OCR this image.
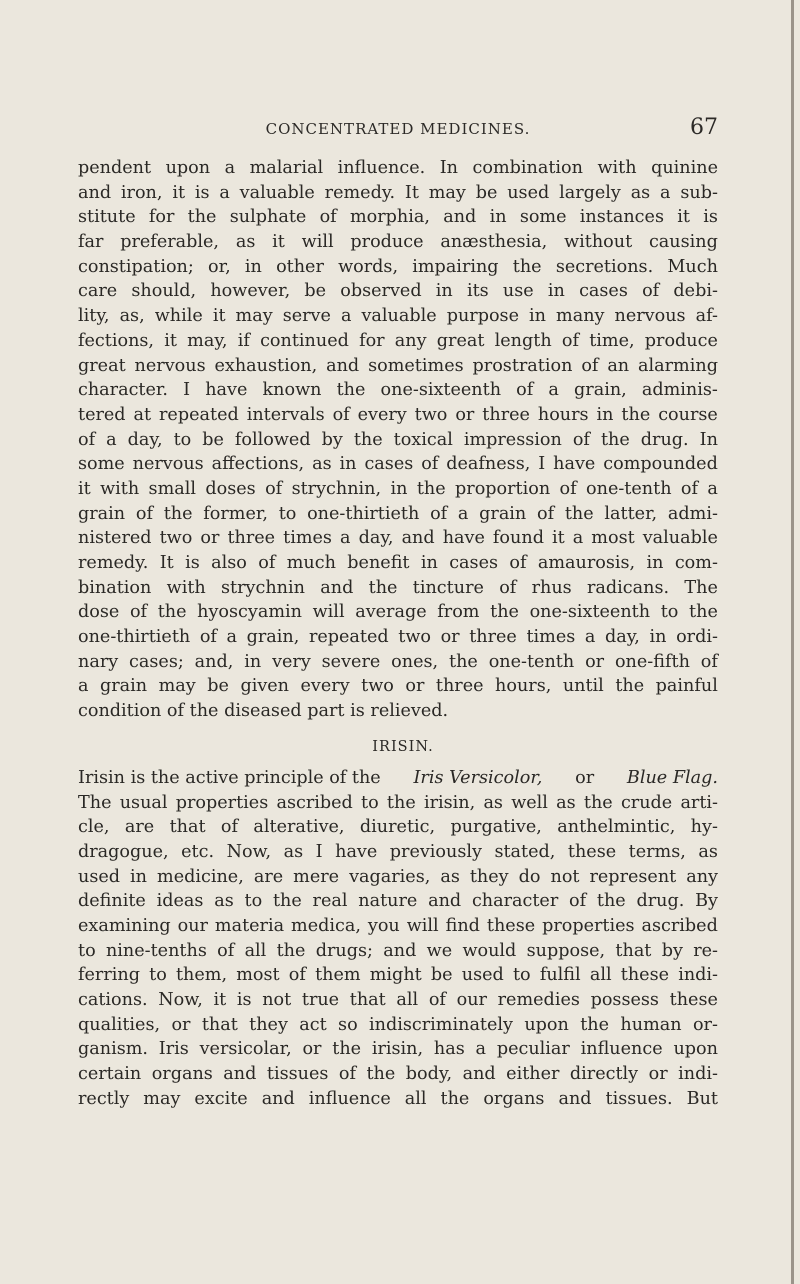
CONCENTRATED MEDICINES.	67
pendent upon a malarial influence. In combination with quinine
and iron, it is a valuable remedy. It may be used largely as a sub-
stitute for the sulphate of morphia, and in some instances it is
far preferable, as it will produce anæsthesia, without causing
constipation; or, in other words, impairing the secretions. Much
care should, however, be observed in its use in cases of debi-
lity, as, while it may serve a valuable purpose in many nervous af-
fections, it may, if continued for any great length of time, produce
great nervous exhaustion, and sometimes prostration of an alarming
character. I have known the one-sixteenth of a grain, adminis-
tered at repeated intervals of every two or three hours in the course
of a day, to be followed by the toxical impression of the drug. In
some nervous affections, as in cases of deafness, I have compounded
it with small doses of strychnin, in the proportion of one-tenth of a
grain of the former, to one-thirtieth of a grain of the latter, admi-
nistered two or three times a day, and have found it a most valuable
remedy. It is also of much benefit in cases of amaurosis, in com-
bination with strychnin and the tincture of rhus radicans. The
dose of the hyoscyamin will average from the one-sixteenth to the
one-thirtieth of a grain, repeated two or three times a day, in ordi-
nary cases; and, in very severe ones, the one-tenth or one-fifth of
a grain may be given every two or three hours, until the painful
condition of the diseased part is relieved.
IRISIN.
Irisin is the active principle of the Iris Versicolor, or Blue Flag.
The usual properties ascribed to the irisin, as well as the crude arti-
cle, are that of alterative, diuretic, purgative, anthelmintic, hy-
dragogue, etc. Now, as I have previously stated, these terms, as
used in medicine, are mere vagaries, as they do not represent any
definite ideas as to the real nature and character of the drug. By
examining our materia medica, you will find these properties ascribed
to nine-tenths of all the drugs; and we would suppose, that by re-
ferring to them, most of them might be used to fulfil all these indi-
cations. Now, it is not true that all of our remedies possess these
qualities, or that they act so indiscriminately upon the human or-
ganism. Iris versicolar, or the irisin, has a peculiar influence upon
certain organs and tissues of the body, and either directly or indi-
rectly may excite and influence all the organs and tissues. But
